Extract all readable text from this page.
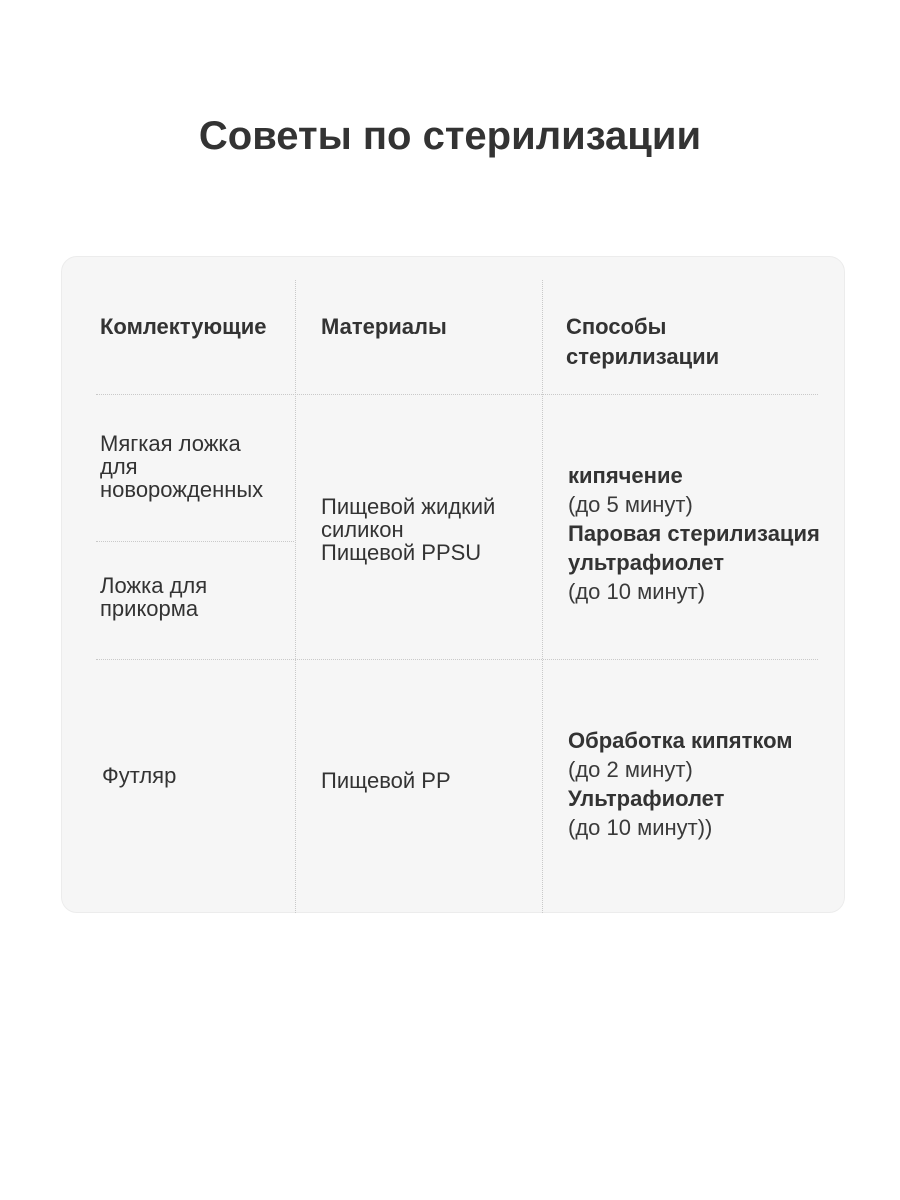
Советы по стерилизации
Комлектующие Материалы	Способы
стерилизации
Мягкая ложка
для
новорожденных
Ложка для
прикорма
Пищевой жидкий
силикон
Пищевой PPSU
кипячение
(до 5 минут)
Паровая стерилизация
ультрафиолет
(до 10 минут)
Футляр	Пищевой PP
Обработка кипятком
(до 2 минут)
Ультрафиолет
(до 10 минут))
